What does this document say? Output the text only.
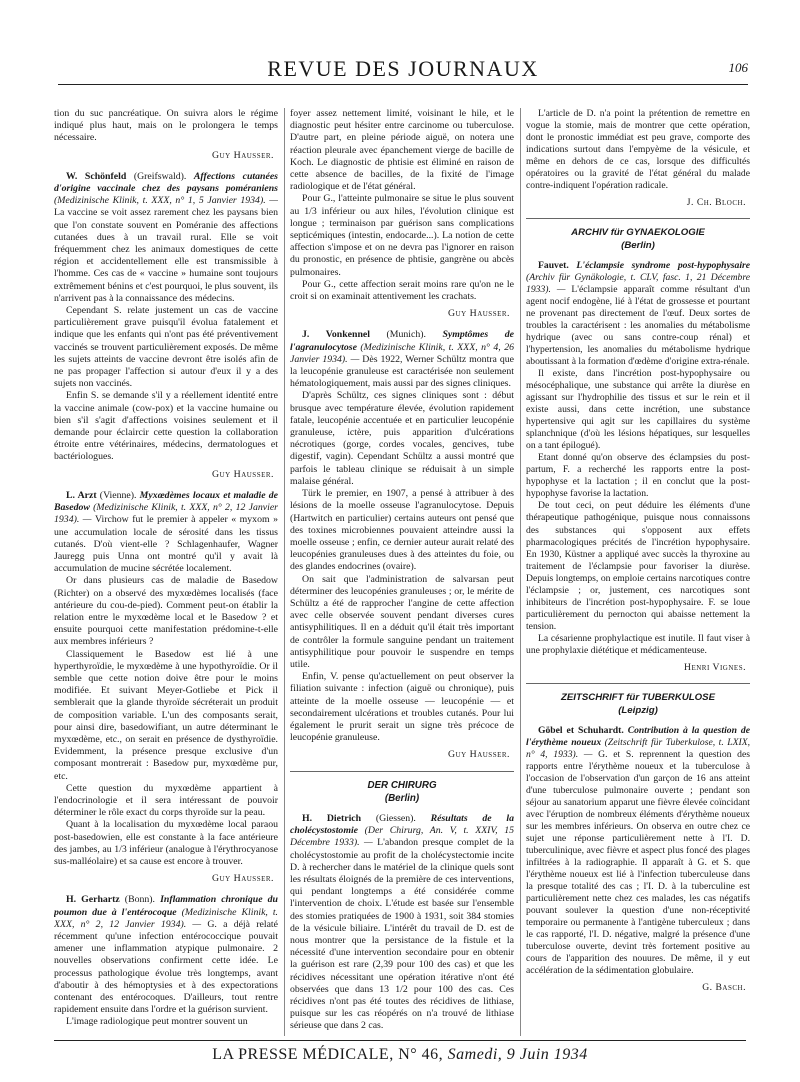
REVUE DES JOURNAUX	106

tion du suc pancréatique. On suivra alors le régime indiqué plus haut, mais on le prolongera le temps nécessaire.

Guy Hausser.

W. Schönfeld (Greifswald). Affections cutanées d'origine vaccinale chez des paysans poméraniens (Medizinische Klinik, t. XXX, n° 1, 5 Janvier 1934). — La vaccine se voit assez rarement chez les paysans bien que l'on constate souvent en Poméranie des affections cutanées dues à un travail rural. Elle se voit fréquemment chez les animaux domestiques de cette région et accidentellement elle est transmissible à l'homme. Ces cas de « vaccine » humaine sont toujours extrêmement bénins et c'est pourquoi, le plus souvent, ils n'arrivent pas à la connaissance des médecins.

Cependant S. relate justement un cas de vaccine particulièrement grave puisqu'il évolua fatalement et indique que les enfants qui n'ont pas été préventivement vaccinés se trouvent particulièrement exposés. De même les sujets atteints de vaccine devront être isolés afin de ne pas propager l'affection si autour d'eux il y a des sujets non vaccinés.

Enfin S. se demande s'il y a réellement identité entre la vaccine animale (cow-pox) et la vaccine humaine ou bien s'il s'agit d'affections voisines seulement et il demande pour éclaircir cette question la collaboration étroite entre vétérinaires, médecins, dermatologues et bactériologues.

Guy Hausser.

L. Arzt (Vienne). Myxœdèmes locaux et maladie de Basedow (Medizinische Klinik, t. XXX, n° 2, 12 Janvier 1934). — Virchow fut le premier à appeler « myxom » une accumulation locale de sérosité dans les tissus cutanés. D'où vient-elle ? Schlagenhaufer, Wagner Jauregg puis Unna ont montré qu'il y avait là accumulation de mucine sécrétée localement.

Or dans plusieurs cas de maladie de Basedow (Richter) on a observé des myxœdèmes localisés (face antérieure du cou-de-pied). Comment peut-on établir la relation entre le myxœdème local et le Basedow ? et ensuite pourquoi cette manifestation prédomine-t-elle aux membres inférieurs ?

Classiquement le Basedow est lié à une hyperthyroïdie, le myxœdème à une hypothyroïdie. Or il semble que cette notion doive être pour le moins modifiée. Et suivant Meyer-Gotliebe et Pick il semblerait que la glande thyroïde sécréterait un produit de composition variable. L'un des composants serait, pour ainsi dire, basedowifiant, un autre déterminant le myxœdème, etc., on serait en présence de dysthyroïdie. Evidemment, la présence presque exclusive d'un composant montrerait : Basedow pur, myxœdème pur, etc.

Cette question du myxœdème appartient à l'endocrinologie et il sera intéressant de pouvoir déterminer le rôle exact du corps thyroïde sur la peau.

Quant à la localisation du myxœdème local paraou post-basedowien, elle est constante à la face antérieure des jambes, au 1/3 inférieur (analogue à l'érythrocyanose sus-malléolaire) et sa cause est encore à trouver.

Guy Hausser.

H. Gerhartz (Bonn). Inflammation chronique du poumon due à l'entérocoque (Medizinische Klinik, t. XXX, n° 2, 12 Janvier 1934). — G. a déjà relaté récemment qu'une infection entérococcique pouvait amener une inflammation atypique pulmonaire. 2 nouvelles observations confirment cette idée. Le processus pathologique évolue très longtemps, avant d'aboutir à des hémoptysies et à des expectorations contenant des entérocoques. D'ailleurs, tout rentre rapidement ensuite dans l'ordre et la guérison survient.

L'image radiologique peut montrer souvent un

foyer assez nettement limité, voisinant le hile, et le diagnostic peut hésiter entre carcinome ou tuberculose. D'autre part, en pleine période aiguë, on notera une réaction pleurale avec épanchement vierge de bacille de Koch. Le diagnostic de phtisie est éliminé en raison de cette absence de bacilles, de la fixité de l'image radiologique et de l'état général.

Pour G., l'atteinte pulmonaire se situe le plus souvent au 1/3 inférieur ou aux hiles, l'évolution clinique est longue ; terminaison par guérison sans complications septicémiques (intestin, endocarde...). La notion de cette affection s'impose et on ne devra pas l'ignorer en raison du pronostic, en présence de phtisie, gangrène ou abcès pulmonaires.

Pour G., cette affection serait moins rare qu'on ne le croit si on examinait attentivement les crachats.

Guy Hausser.

J. Vonkennel (Munich). Symptômes de l'agranulocytose (Medizinische Klinik, t. XXX, n° 4, 26 Janvier 1934). — Dès 1922, Werner Schültz montra que la leucopénie granuleuse est caractérisée non seulement hématologiquement, mais aussi par des signes cliniques.

D'après Schültz, ces signes cliniques sont : début brusque avec température élevée, évolution rapidement fatale, leucopénie accentuée et en particulier leucopénie granuleuse, ictère, puis apparition d'ulcérations nécrotiques (gorge, cordes vocales, gencives, tube digestif, vagin). Cependant Schültz a aussi montré que parfois le tableau clinique se réduisait à un simple malaise général.

Türk le premier, en 1907, a pensé à attribuer à des lésions de la moelle osseuse l'agranulocytose. Depuis (Hartwitch en particulier) certains auteurs ont pensé que des toxines microbiennes pouvaient atteindre aussi la moelle osseuse ; enfin, ce dernier auteur aurait relaté des leucopénies granuleuses dues à des atteintes du foie, ou des glandes endocrines (ovaire).

On sait que l'administration de salvarsan peut déterminer des leucopénies granuleuses ; or, le mérite de Schültz a été de rapprocher l'angine de cette affection avec celle observée souvent pendant diverses cures antisyphilitiques. Il en a déduit qu'il était très important de contrôler la formule sanguine pendant un traitement antisyphilitique pour pouvoir le suspendre en temps utile.

Enfin, V. pense qu'actuellement on peut observer la filiation suivante : infection (aiguë ou chronique), puis atteinte de la moelle osseuse — leucopénie — et secondairement ulcérations et troubles cutanés. Pour lui également le prurit serait un signe très précoce de leucopénie granuleuse.

Guy Hausser.
DER CHIRURG
(Berlin)

H. Dietrich (Giessen). Résultats de la cholécystostomie (Der Chirurg, An. V, t. XXIV, 15 Décembre 1933). — L'abandon presque complet de la cholécystostomie au profit de la cholécystectomie incite D. à rechercher dans le matériel de la clinique quels sont les résultats éloignés de la première de ces interventions, qui pendant longtemps a été considérée comme l'intervention de choix. L'étude est basée sur l'ensemble des stomies pratiquées de 1900 à 1931, soit 384 stomies de la vésicule biliaire. L'intérêt du travail de D. est de nous montrer que la persistance de la fistule et la nécessité d'une intervention secondaire pour en obtenir la guérison est rare (2,39 pour 100 des cas) et que les récidives nécessitant une opération itérative n'ont été observées que dans 13 1/2 pour 100 des cas. Ces récidives n'ont pas été toutes des récidives de lithiase, puisque sur les cas réopérés on n'a trouvé de lithiase sérieuse que dans 2 cas.

L'article de D. n'a point la prétention de remettre en vogue la stomie, mais de montrer que cette opération, dont le pronostic immédiat est peu grave, comporte des indications surtout dans l'empyème de la vésicule, et même en dehors de ce cas, lorsque des difficultés opératoires ou la gravité de l'état général du malade contre-indiquent l'opération radicale.

J. Ch. Bloch.
ARCHIV für GYNAEKOLOGIE
(Berlin)

Fauvet. L'éclampsie syndrome post-hypophysaire (Archiv für Gynäkologie, t. CLV, fasc. 1, 21 Décembre 1933). — L'éclampsie apparaît comme résultant d'un agent nocif endogène, lié à l'état de grossesse et pourtant ne provenant pas directement de l'œuf. Deux sortes de troubles la caractérisent : les anomalies du métabolisme hydrique (avec ou sans contre-coup rénal) et l'hypertension, les anomalies du métabolisme hydrique aboutissant à la formation d'œdème d'origine extra-rénale.

Il existe, dans l'incrétion post-hypophysaire ou mésocéphalique, une substance qui arrête la diurèse en agissant sur l'hydrophilie des tissus et sur le rein et il existe aussi, dans cette incrétion, une substance hypertensive qui agit sur les capillaires du système splanchnique (d'où les lésions hépatiques, sur lesquelles on a tant épilogué).

Etant donné qu'on observe des éclampsies du post-partum, F. a recherché les rapports entre la post-hypophyse et la lactation ; il en conclut que la post-hypophyse favorise la lactation.

De tout ceci, on peut déduire les éléments d'une thérapeutique pathogénique, puisque nous connaissons des substances qui s'opposent aux effets pharmacologiques précités de l'incrétion hypophysaire. En 1930, Küstner a appliqué avec succès la thyroxine au traitement de l'éclampsie pour favoriser la diurèse. Depuis longtemps, on emploie certains narcotiques contre l'éclampsie ; or, justement, ces narcotiques sont inhibiteurs de l'incrétion post-hypophysaire. F. se loue particulièrement du pernocton qui abaisse nettement la tension.

La césarienne prophylactique est inutile. Il faut viser à une prophylaxie diététique et médicamenteuse.

Henri Vignes.
ZEITSCHRIFT für TUBERKULOSE
(Leipzig)

Göbel et Schuhardt. Contribution à la question de l'érythème noueux (Zeitschrift für Tuberkulose, t. LXIX, n° 4, 1933). — G. et S. reprennent la question des rapports entre l'érythème noueux et la tuberculose à l'occasion de l'observation d'un garçon de 16 ans atteint d'une tuberculose pulmonaire ouverte ; pendant son séjour au sanatorium apparut une fièvre élevée coïncidant avec l'éruption de nombreux éléments d'érythème noueux sur les membres inférieurs. On observa en outre chez ce sujet une réponse particulièrement nette à l'I. D. tuberculinique, avec fièvre et aspect plus foncé des plages infiltrées à la radiographie. Il apparaît à G. et S. que l'érythème noueux est lié à l'infection tuberculeuse dans la presque totalité des cas ; l'I. D. à la tuberculine est particulièrement nette chez ces malades, les cas négatifs pouvant soulever la question d'une non-réceptivité temporaire ou permanente à l'antigène tuberculeux ; dans le cas rapporté, l'I. D. négative, malgré la présence d'une tuberculose ouverte, devint très fortement positive au cours de l'apparition des nouures. De même, il y eut accélération de la sédimentation globulaire.

G. Basch.
LA PRESSE MÉDICALE, N° 46, Samedi, 9 Juin 1934
